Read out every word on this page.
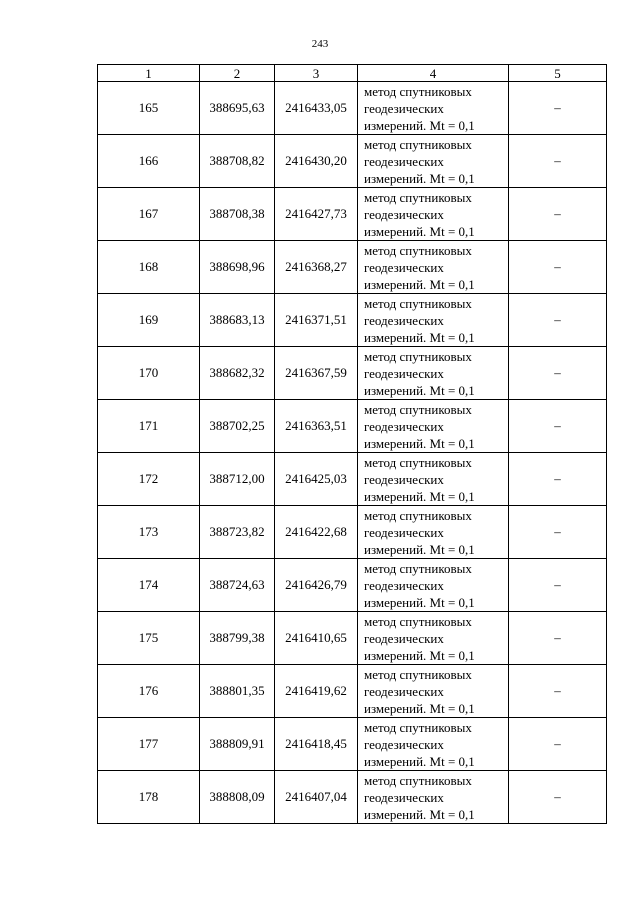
243
1	2	3	4	5
165	388695,63	2416433,05	метод спутниковых
геодезических
измерений. Mt = 0,1	–
166	388708,82	2416430,20	метод спутниковых
геодезических
измерений. Mt = 0,1	–
167	388708,38	2416427,73	метод спутниковых
геодезических
измерений. Mt = 0,1	–
168	388698,96	2416368,27	метод спутниковых
геодезических
измерений. Mt = 0,1	–
169	388683,13	2416371,51	метод спутниковых
геодезических
измерений. Mt = 0,1	–
170	388682,32	2416367,59	метод спутниковых
геодезических
измерений. Mt = 0,1	–
171	388702,25	2416363,51	метод спутниковых
геодезических
измерений. Mt = 0,1	–
172	388712,00	2416425,03	метод спутниковых
геодезических
измерений. Mt = 0,1	–
173	388723,82	2416422,68	метод спутниковых
геодезических
измерений. Mt = 0,1	–
174	388724,63	2416426,79	метод спутниковых
геодезических
измерений. Mt = 0,1	–
175	388799,38	2416410,65	метод спутниковых
геодезических
измерений. Mt = 0,1	–
176	388801,35	2416419,62	метод спутниковых
геодезических
измерений. Mt = 0,1	–
177	388809,91	2416418,45	метод спутниковых
геодезических
измерений. Mt = 0,1	–
178	388808,09	2416407,04	метод спутниковых
геодезических
измерений. Mt = 0,1	–
